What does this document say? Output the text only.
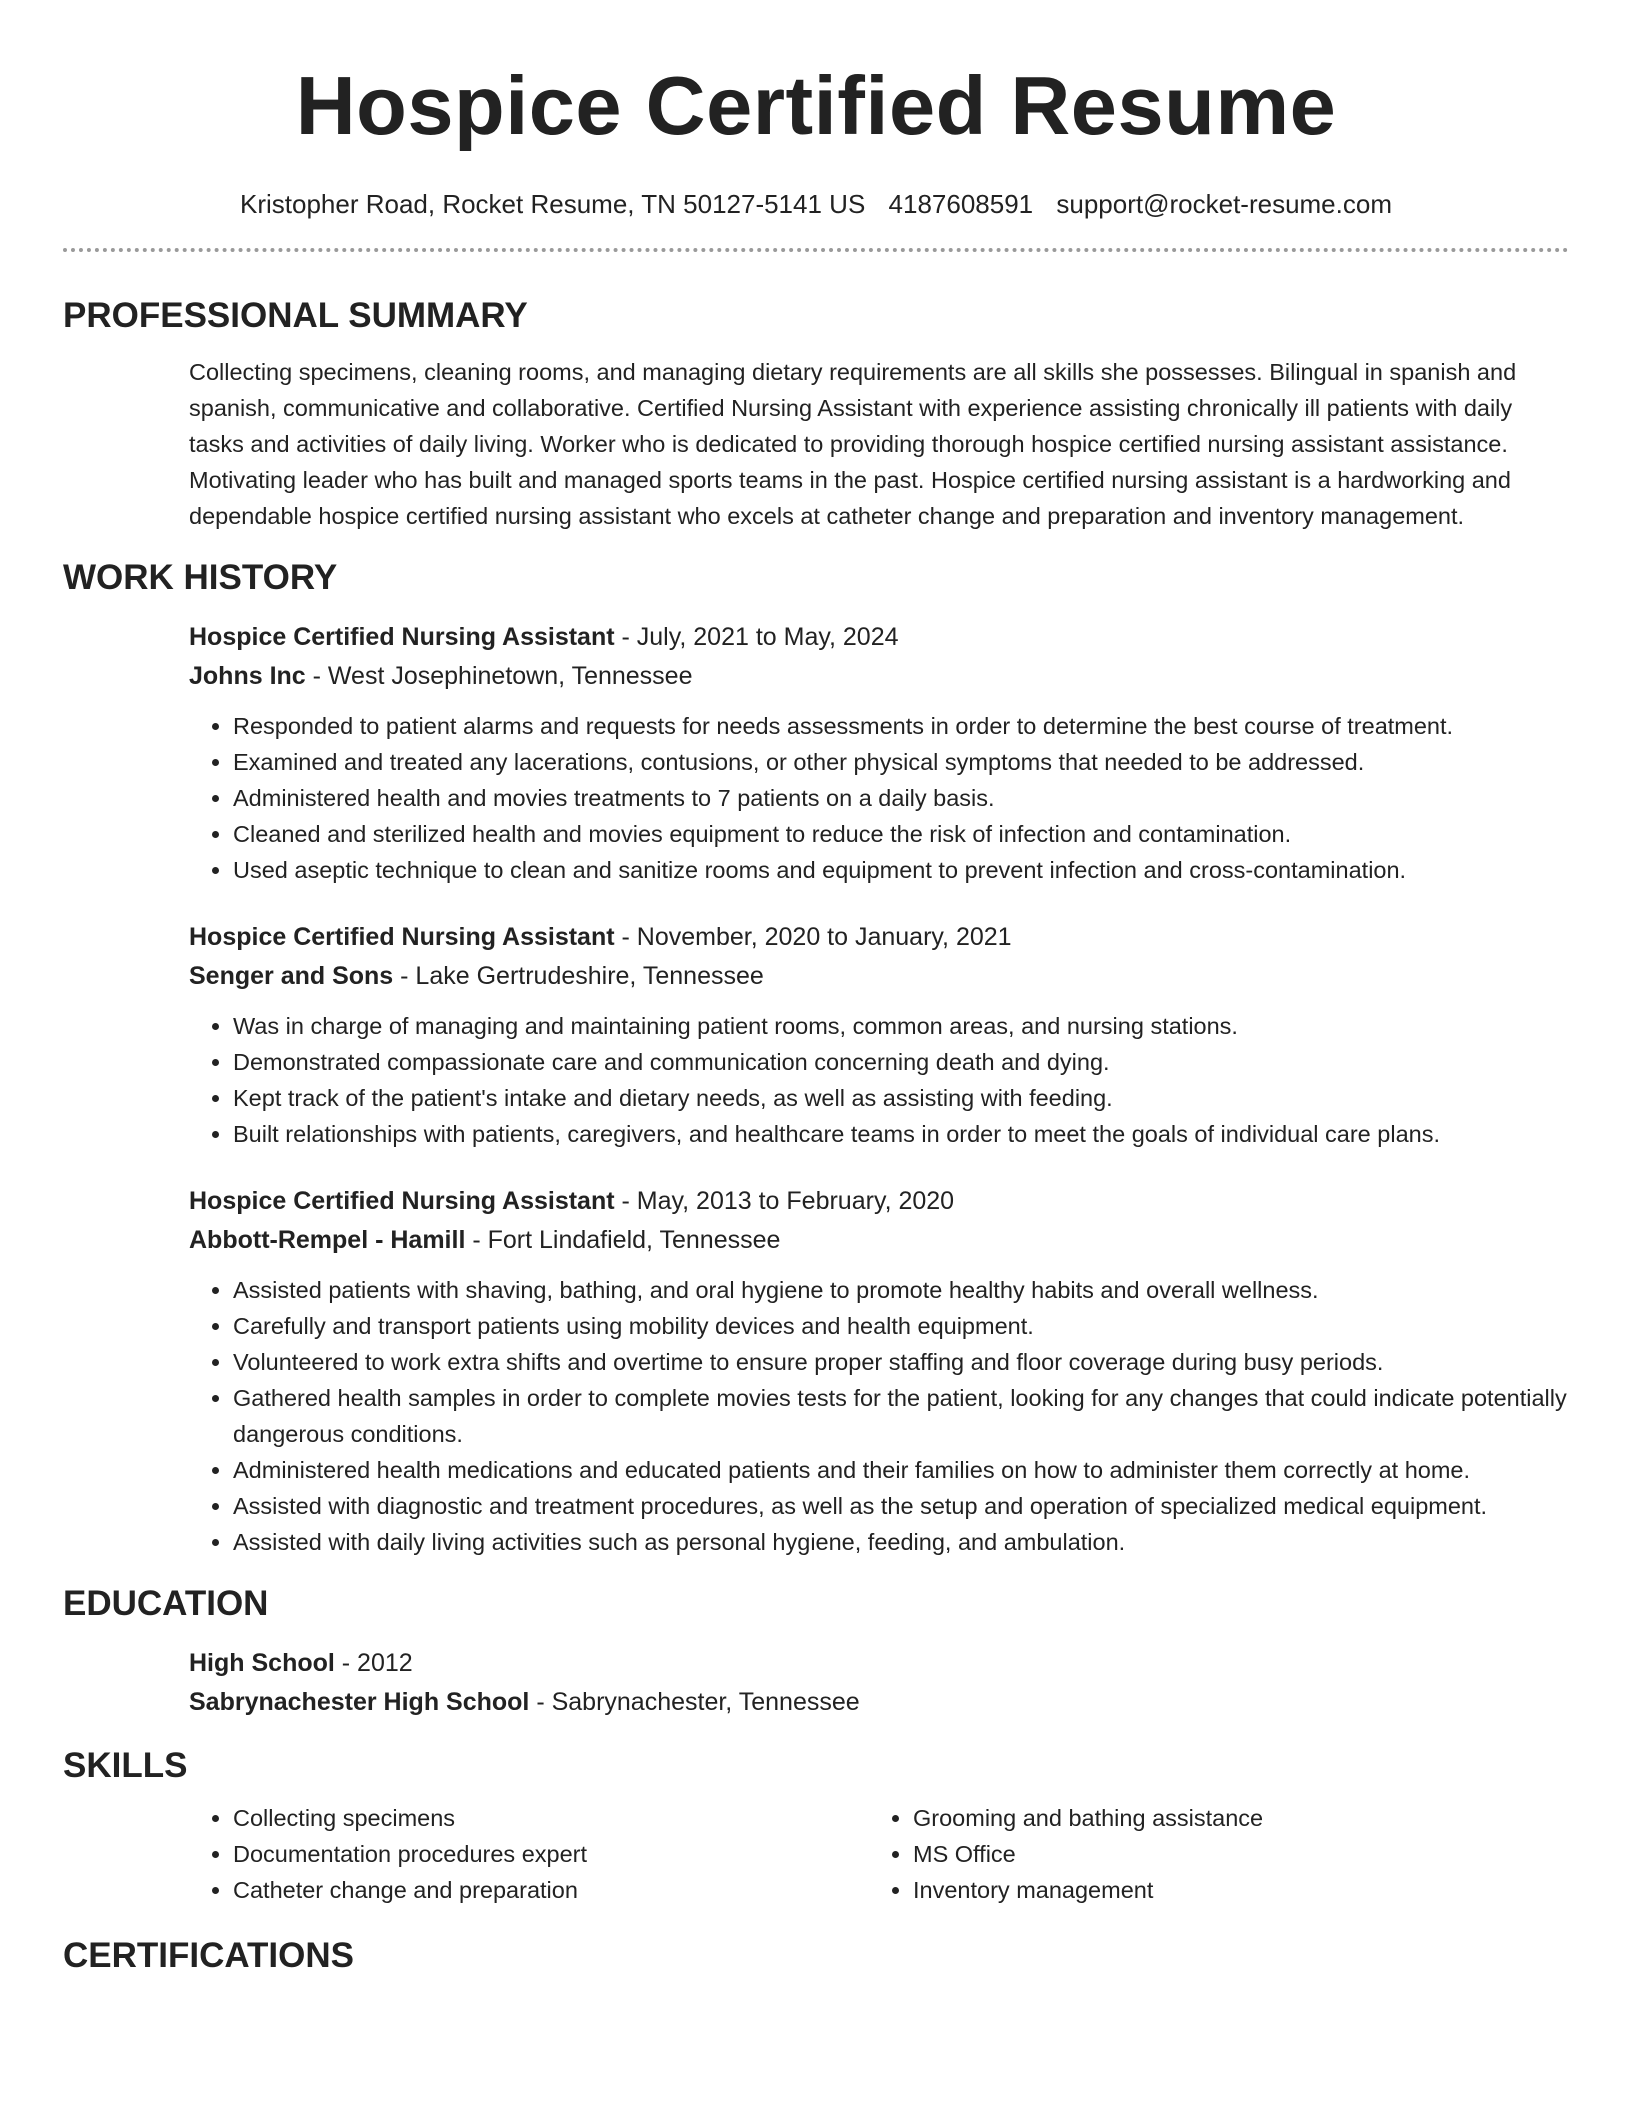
Hospice Certified Resume
Kristopher Road, Rocket Resume, TN 50127-5141 US 4187608591 support@rocket-resume.com
PROFESSIONAL SUMMARY
Collecting specimens, cleaning rooms, and managing dietary requirements are all skills she possesses. Bilingual in spanish and spanish, communicative and collaborative. Certified Nursing Assistant with experience assisting chronically ill patients with daily tasks and activities of daily living. Worker who is dedicated to providing thorough hospice certified nursing assistant assistance. Motivating leader who has built and managed sports teams in the past. Hospice certified nursing assistant is a hardworking and dependable hospice certified nursing assistant who excels at catheter change and preparation and inventory management.
WORK HISTORY
Hospice Certified Nursing Assistant - July, 2021 to May, 2024
Johns Inc - West Josephinetown, Tennessee
• Responded to patient alarms and requests for needs assessments in order to determine the best course of treatment.
• Examined and treated any lacerations, contusions, or other physical symptoms that needed to be addressed.
• Administered health and movies treatments to 7 patients on a daily basis.
• Cleaned and sterilized health and movies equipment to reduce the risk of infection and contamination.
• Used aseptic technique to clean and sanitize rooms and equipment to prevent infection and cross-contamination.
Hospice Certified Nursing Assistant - November, 2020 to January, 2021
Senger and Sons - Lake Gertrudeshire, Tennessee
• Was in charge of managing and maintaining patient rooms, common areas, and nursing stations.
• Demonstrated compassionate care and communication concerning death and dying.
• Kept track of the patient's intake and dietary needs, as well as assisting with feeding.
• Built relationships with patients, caregivers, and healthcare teams in order to meet the goals of individual care plans.
Hospice Certified Nursing Assistant - May, 2013 to February, 2020
Abbott-Rempel - Hamill - Fort Lindafield, Tennessee
• Assisted patients with shaving, bathing, and oral hygiene to promote healthy habits and overall wellness.
• Carefully and transport patients using mobility devices and health equipment.
• Volunteered to work extra shifts and overtime to ensure proper staffing and floor coverage during busy periods.
• Gathered health samples in order to complete movies tests for the patient, looking for any changes that could indicate potentially dangerous conditions.
• Administered health medications and educated patients and their families on how to administer them correctly at home.
• Assisted with diagnostic and treatment procedures, as well as the setup and operation of specialized medical equipment.
• Assisted with daily living activities such as personal hygiene, feeding, and ambulation.
EDUCATION
High School - 2012
Sabrynachester High School - Sabrynachester, Tennessee
SKILLS
• Collecting specimens
• Documentation procedures expert
• Catheter change and preparation
• Grooming and bathing assistance
• MS Office
• Inventory management
CERTIFICATIONS
